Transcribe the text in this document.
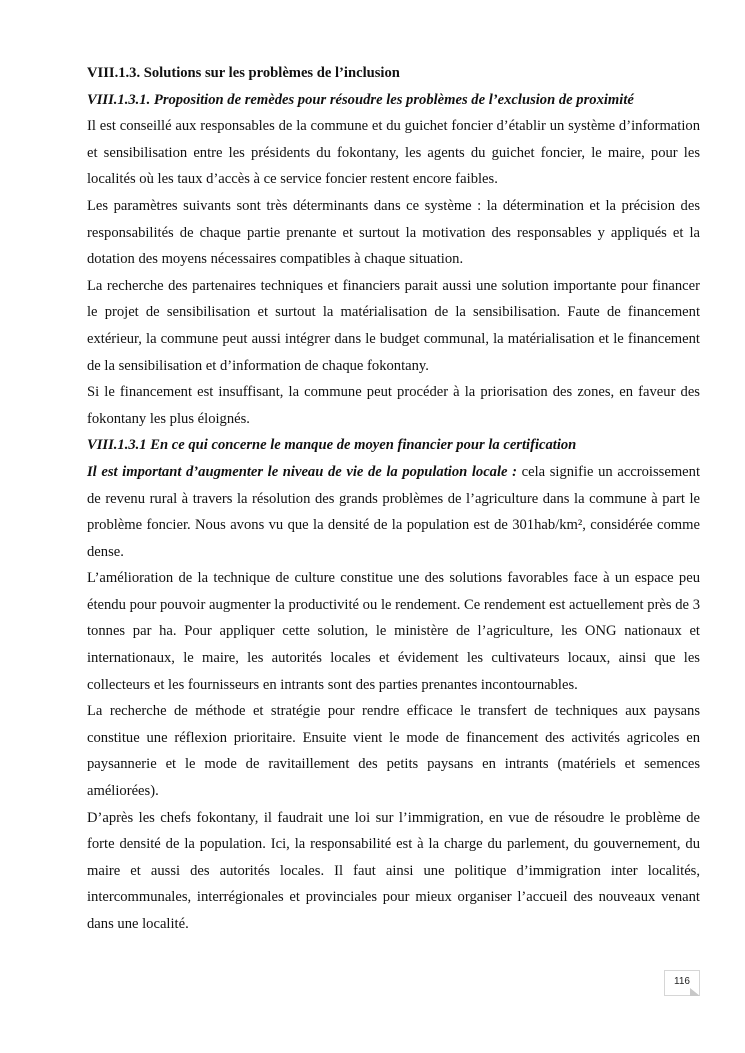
VIII.1.3. Solutions sur les problèmes de l’inclusion

VIII.1.3.1. Proposition de remèdes pour résoudre les problèmes de l’exclusion de proximité

Il est conseillé aux responsables de la commune et du guichet foncier d’établir un système d’information et sensibilisation entre les présidents du fokontany, les agents du guichet foncier, le maire, pour les localités où les taux d’accès à ce service foncier restent encore faibles.

Les paramètres suivants sont très déterminants dans ce système : la détermination et la précision des responsabilités de chaque partie prenante et surtout la motivation des responsables y appliqués et la dotation des moyens nécessaires compatibles à chaque situation.

La recherche des partenaires techniques et financiers parait aussi une solution importante pour financer le projet de sensibilisation et surtout la matérialisation de la sensibilisation. Faute de financement extérieur, la commune peut aussi intégrer dans le budget communal, la matérialisation et le financement de la sensibilisation et d’information de chaque fokontany.

Si le financement est insuffisant, la commune peut procéder à la priorisation des zones, en faveur des fokontany les plus éloignés.

VIII.1.3.1 En ce qui concerne le manque de moyen financier pour la certification

Il est important d’augmenter le niveau de vie de la population locale : cela signifie un accroissement de revenu rural à travers la résolution des grands problèmes de l’agriculture dans la commune à part le problème foncier. Nous avons vu que la densité de la population est de 301hab/km², considérée comme dense.

L’amélioration de la technique de culture constitue une des solutions favorables face à un espace peu étendu pour pouvoir augmenter la productivité ou le rendement. Ce rendement est actuellement près de 3 tonnes par ha. Pour appliquer cette solution, le ministère de l’agriculture, les ONG nationaux et internationaux, le maire, les autorités locales et évidement les cultivateurs locaux, ainsi que les collecteurs et les fournisseurs en intrants sont des parties prenantes incontournables.

La recherche de méthode et stratégie pour rendre efficace le transfert de techniques aux paysans constitue une réflexion prioritaire. Ensuite vient le mode de financement des activités agricoles en paysannerie et le mode de ravitaillement des petits paysans en intrants (matériels et semences améliorées).

D’après les chefs fokontany, il faudrait une loi sur l’immigration, en vue de résoudre le problème de forte densité de la population. Ici, la responsabilité est à la charge du parlement, du gouvernement, du maire et aussi des autorités locales. Il faut ainsi une politique d’immigration inter localités, intercommunales, interrégionales et provinciales pour mieux organiser l’accueil des nouveaux venant dans une localité.

116
